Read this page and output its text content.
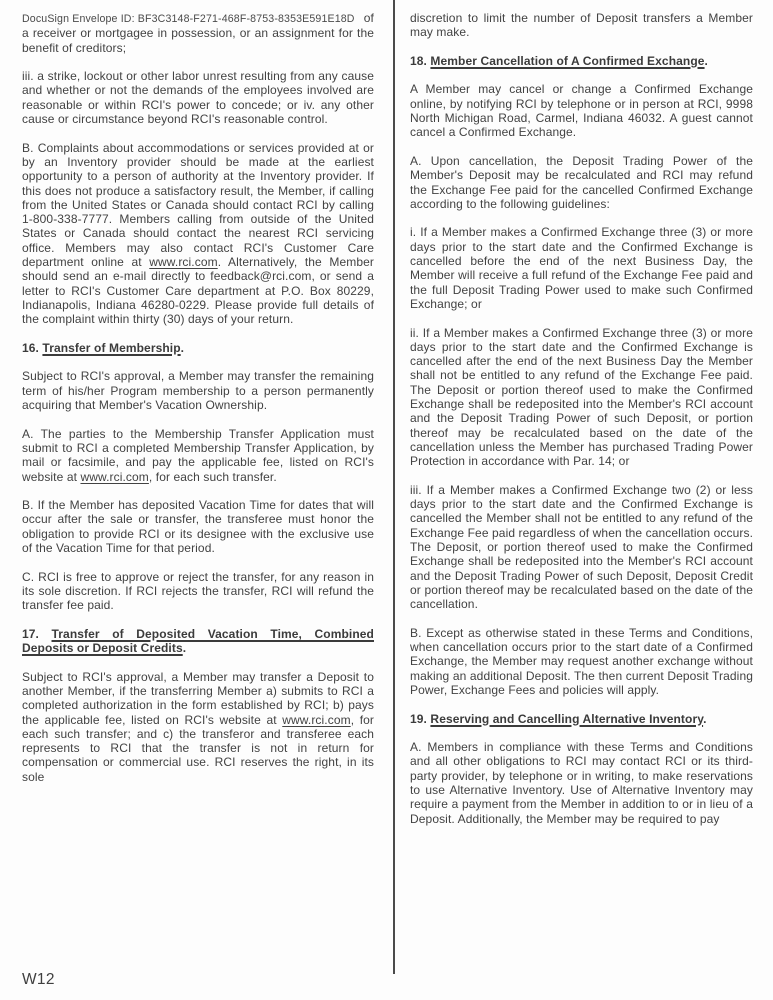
DocuSign Envelope ID: BF3C3148-F271-468F-8753-8353E591E18D of

a receiver or mortgagee in possession, or an assignment for the benefit of creditors;

iii. a strike, lockout or other labor unrest resulting from any cause and whether or not the demands of the employees involved are reasonable or within RCI's power to concede; or iv. any other cause or circumstance beyond RCI's reasonable control.

B. Complaints about accommodations or services provided at or by an Inventory provider should be made at the earliest opportunity to a person of authority at the Inventory provider. If this does not produce a satisfactory result, the Member, if calling from the United States or Canada should contact RCI by calling 1-800-338-7777. Members calling from outside of the United States or Canada should contact the nearest RCI servicing office. Members may also contact RCI's Customer Care department online at www.rci.com. Alternatively, the Member should send an e-mail directly to feedback@rci.com, or send a letter to RCI's Customer Care department at P.O. Box 80229, Indianapolis, Indiana 46280-0229. Please provide full details of the complaint within thirty (30) days of your return.

16. Transfer of Membership.

Subject to RCI's approval, a Member may transfer the remaining term of his/her Program membership to a person permanently acquiring that Member's Vacation Ownership.

A. The parties to the Membership Transfer Application must submit to RCI a completed Membership Transfer Application, by mail or facsimile, and pay the applicable fee, listed on RCI's website at www.rci.com, for each such transfer.

B. If the Member has deposited Vacation Time for dates that will occur after the sale or transfer, the transferee must honor the obligation to provide RCI or its designee with the exclusive use of the Vacation Time for that period.

C. RCI is free to approve or reject the transfer, for any reason in its sole discretion. If RCI rejects the transfer, RCI will refund the transfer fee paid.

17. Transfer of Deposited Vacation Time, Combined Deposits or Deposit Credits.

Subject to RCI's approval, a Member may transfer a Deposit to another Member, if the transferring Member a) submits to RCI a completed authorization in the form established by RCI; b) pays the applicable fee, listed on RCI's website at www.rci.com, for each such transfer; and c) the transferor and transferee each represents to RCI that the transfer is not in return for compensation or commercial use. RCI reserves the right, in its sole

discretion to limit the number of Deposit transfers a Member may make.

18. Member Cancellation of A Confirmed Exchange.

A Member may cancel or change a Confirmed Exchange online, by notifying RCI by telephone or in person at RCI, 9998 North Michigan Road, Carmel, Indiana 46032. A guest cannot cancel a Confirmed Exchange.

A. Upon cancellation, the Deposit Trading Power of the Member's Deposit may be recalculated and RCI may refund the Exchange Fee paid for the cancelled Confirmed Exchange according to the following guidelines:

i. If a Member makes a Confirmed Exchange three (3) or more days prior to the start date and the Confirmed Exchange is cancelled before the end of the next Business Day, the Member will receive a full refund of the Exchange Fee paid and the full Deposit Trading Power used to make such Confirmed Exchange; or

ii. If a Member makes a Confirmed Exchange three (3) or more days prior to the start date and the Confirmed Exchange is cancelled after the end of the next Business Day the Member shall not be entitled to any refund of the Exchange Fee paid. The Deposit or portion thereof used to make the Confirmed Exchange shall be redeposited into the Member's RCI account and the Deposit Trading Power of such Deposit, or portion thereof may be recalculated based on the date of the cancellation unless the Member has purchased Trading Power Protection in accordance with Par. 14; or

iii. If a Member makes a Confirmed Exchange two (2) or less days prior to the start date and the Confirmed Exchange is cancelled the Member shall not be entitled to any refund of the Exchange Fee paid regardless of when the cancellation occurs. The Deposit, or portion thereof used to make the Confirmed Exchange shall be redeposited into the Member's RCI account and the Deposit Trading Power of such Deposit, Deposit Credit or portion thereof may be recalculated based on the date of the cancellation.

B. Except as otherwise stated in these Terms and Conditions, when cancellation occurs prior to the start date of a Confirmed Exchange, the Member may request another exchange without making an additional Deposit. The then current Deposit Trading Power, Exchange Fees and policies will apply.

19. Reserving and Cancelling Alternative Inventory.

A. Members in compliance with these Terms and Conditions and all other obligations to RCI may contact RCI or its third-party provider, by telephone or in writing, to make reservations to use Alternative Inventory. Use of Alternative Inventory may require a payment from the Member in addition to or in lieu of a Deposit. Additionally, the Member may be required to pay

W12
